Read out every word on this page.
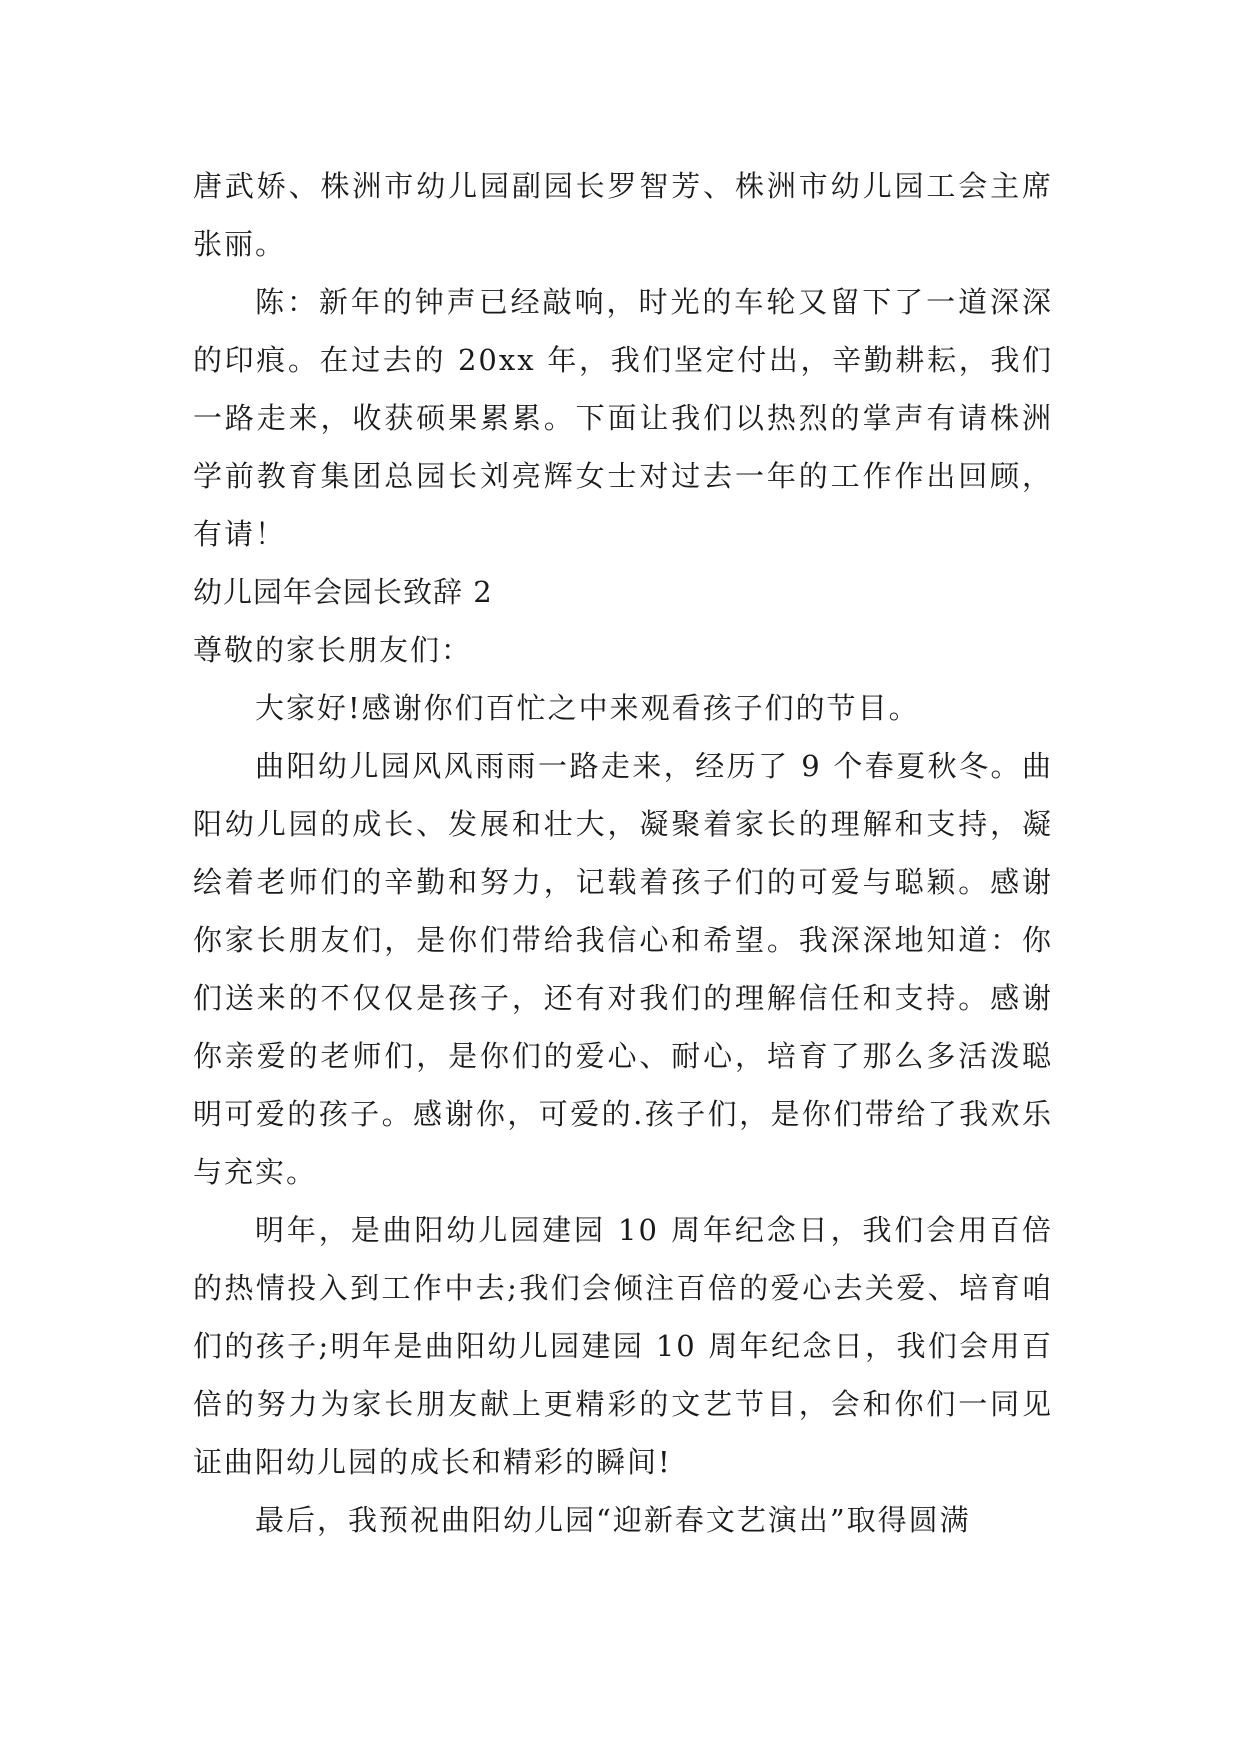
唐武娇、株洲市幼儿园副园长罗智芳、株洲市幼儿园工会主席张丽。

陈：新年的钟声已经敲响，时光的车轮又留下了一道深深的印痕。在过去的 20xx 年，我们坚定付出，辛勤耕耘，我们一路走来，收获硕果累累。下面让我们以热烈的掌声有请株洲学前教育集团总园长刘亮辉女士对过去一年的工作作出回顾，有请！

幼儿园年会园长致辞 2

尊敬的家长朋友们：

大家好!感谢你们百忙之中来观看孩子们的节目。

曲阳幼儿园风风雨雨一路走来，经历了 9 个春夏秋冬。曲阳幼儿园的成长、发展和壮大，凝聚着家长的理解和支持，凝绘着老师们的辛勤和努力，记载着孩子们的可爱与聪颖。感谢你家长朋友们，是你们带给我信心和希望。我深深地知道：你们送来的不仅仅是孩子，还有对我们的理解信任和支持。感谢你亲爱的老师们，是你们的爱心、耐心，培育了那么多活泼聪明可爱的孩子。感谢你，可爱的.孩子们，是你们带给了我欢乐与充实。

明年，是曲阳幼儿园建园 10 周年纪念日，我们会用百倍的热情投入到工作中去;我们会倾注百倍的爱心去关爱、培育咱们的孩子;明年是曲阳幼儿园建园 10 周年纪念日，我们会用百倍的努力为家长朋友献上更精彩的文艺节目，会和你们一同见证曲阳幼儿园的成长和精彩的瞬间!

最后，我预祝曲阳幼儿园“迎新春文艺演出”取得圆满
